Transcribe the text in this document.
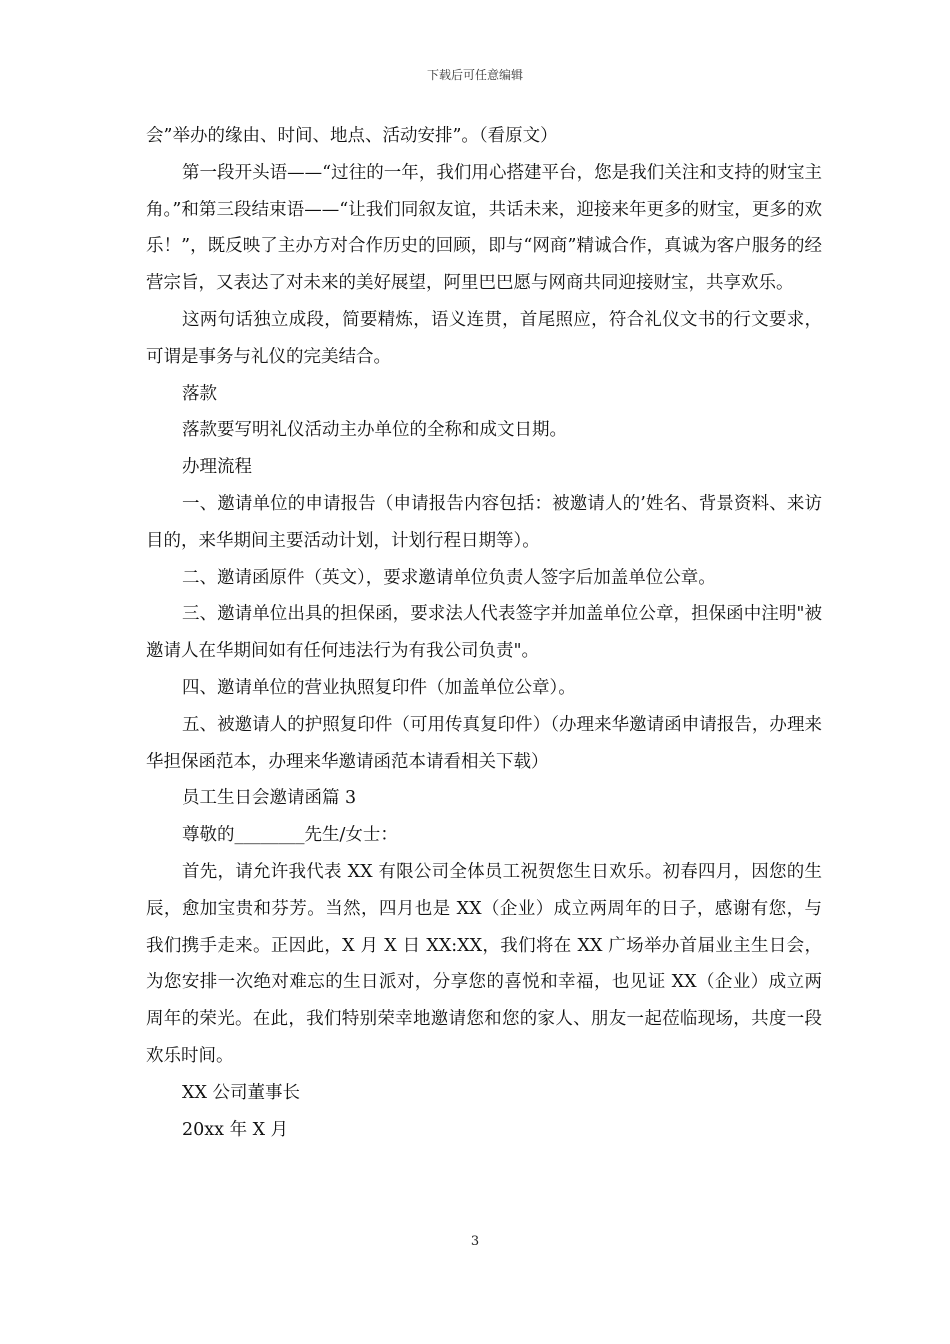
下载后可任意编辑

会”举办的缘由、时间、地点、活动安排”。（看原文）

第一段开头语——“过往的一年，我们用心搭建平台，您是我们关注和支持的财宝主角。”和第三段结束语——“让我们同叙友谊，共话未来，迎接来年更多的财宝，更多的欢乐！”，既反映了主办方对合作历史的回顾，即与“网商”精诚合作，真诚为客户服务的经营宗旨，又表达了对未来的美好展望，阿里巴巴愿与网商共同迎接财宝，共享欢乐。

这两句话独立成段，简要精炼，语义连贯，首尾照应，符合礼仪文书的行文要求，可谓是事务与礼仪的完美结合。

落款

落款要写明礼仪活动主办单位的全称和成文日期。

办理流程

一、邀请单位的申请报告（申请报告内容包括：被邀请人的’姓名、背景资料、来访目的，来华期间主要活动计划，计划行程日期等）。

二、邀请函原件（英文），要求邀请单位负责人签字后加盖单位公章。

三、邀请单位出具的担保函，要求法人代表签字并加盖单位公章，担保函中注明"被邀请人在华期间如有任何违法行为有我公司负责"。

四、邀请单位的营业执照复印件（加盖单位公章）。

五、被邀请人的护照复印件（可用传真复印件）（办理来华邀请函申请报告，办理来华担保函范本，办理来华邀请函范本请看相关下载）

员工生日会邀请函篇 3

尊敬的________先生/女士：

首先，请允许我代表 XX 有限公司全体员工祝贺您生日欢乐。初春四月，因您的生辰，愈加宝贵和芬芳。当然，四月也是 XX（企业）成立两周年的日子，感谢有您，与我们携手走来。正因此，X 月 X 日 XX:XX，我们将在 XX 广场举办首届业主生日会，为您安排一次绝对难忘的生日派对，分享您的喜悦和幸福，也见证 XX（企业）成立两周年的荣光。在此，我们特别荣幸地邀请您和您的家人、朋友一起莅临现场，共度一段欢乐时间。

XX 公司董事长

20xx 年 X 月

3
